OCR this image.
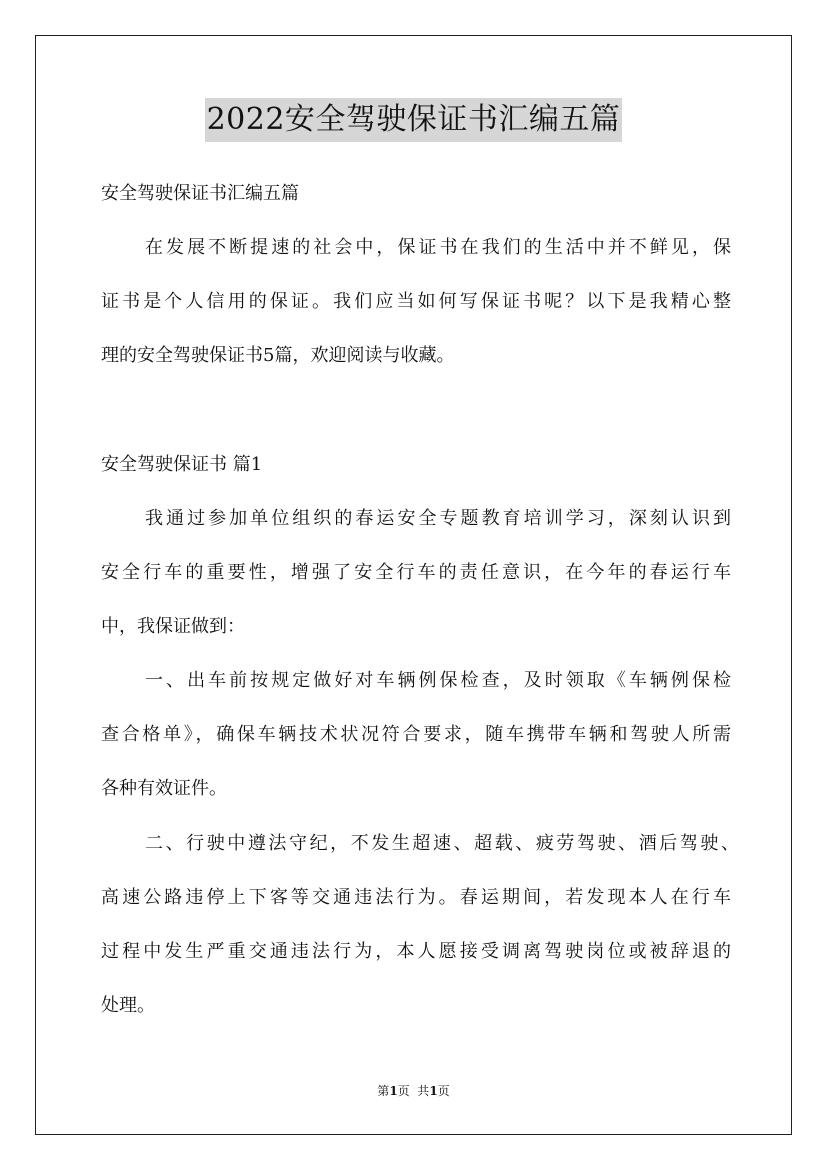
2022安全驾驶保证书汇编五篇
安全驾驶保证书汇编五篇
在发展不断提速的社会中，保证书在我们的生活中并不鲜见，保
证书是个人信用的保证。我们应当如何写保证书呢？以下是我精心整
理的安全驾驶保证书5篇，欢迎阅读与收藏。
安全驾驶保证书 篇1
我通过参加单位组织的春运安全专题教育培训学习，深刻认识到
安全行车的重要性，增强了安全行车的责任意识，在今年的春运行车
中，我保证做到：
一、出车前按规定做好对车辆例保检查，及时领取《车辆例保检
查合格单》，确保车辆技术状况符合要求，随车携带车辆和驾驶人所需
各种有效证件。
二、行驶中遵法守纪，不发生超速、超载、疲劳驾驶、酒后驾驶、
高速公路违停上下客等交通违法行为。春运期间，若发现本人在行车
过程中发生严重交通违法行为，本人愿接受调离驾驶岗位或被辞退的
处理。
第1页  共1页
